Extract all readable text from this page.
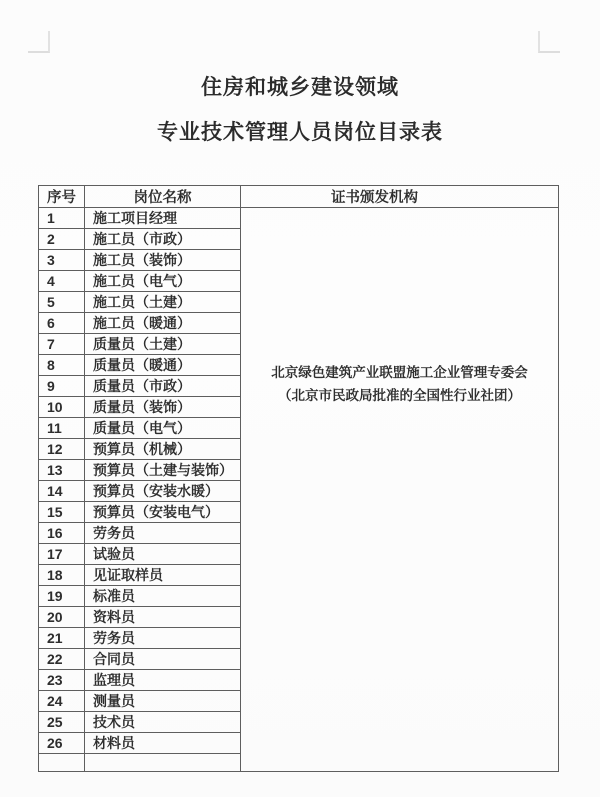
住房和城乡建设领域
专业技术管理人员岗位目录表
序号	岗位名称	证书颁发机构
1	施工项目经理	北京绿色建筑产业联盟施工企业管理专委会
（北京市民政局批准的全国性行业社团）

2	施工员（市政）	
3	施工员（装饰）	
4	施工员（电气）	
5	施工员（土建）	
6	施工员（暖通）	
7	质量员（土建）	
8	质量员（暖通）	
9	质量员（市政）	
10	质量员（装饰）	
11	质量员（电气）	
12	预算员（机械）	
13	预算员（土建与装饰）	
14	预算员（安装水暖）	
15	预算员（安装电气）	
16	劳务员	
17	试验员	
18	见证取样员	
19	标准员	
20	资料员	
21	劳务员	
22	合同员	
23	监理员	
24	测量员	
25	技术员	
26	材料员	
